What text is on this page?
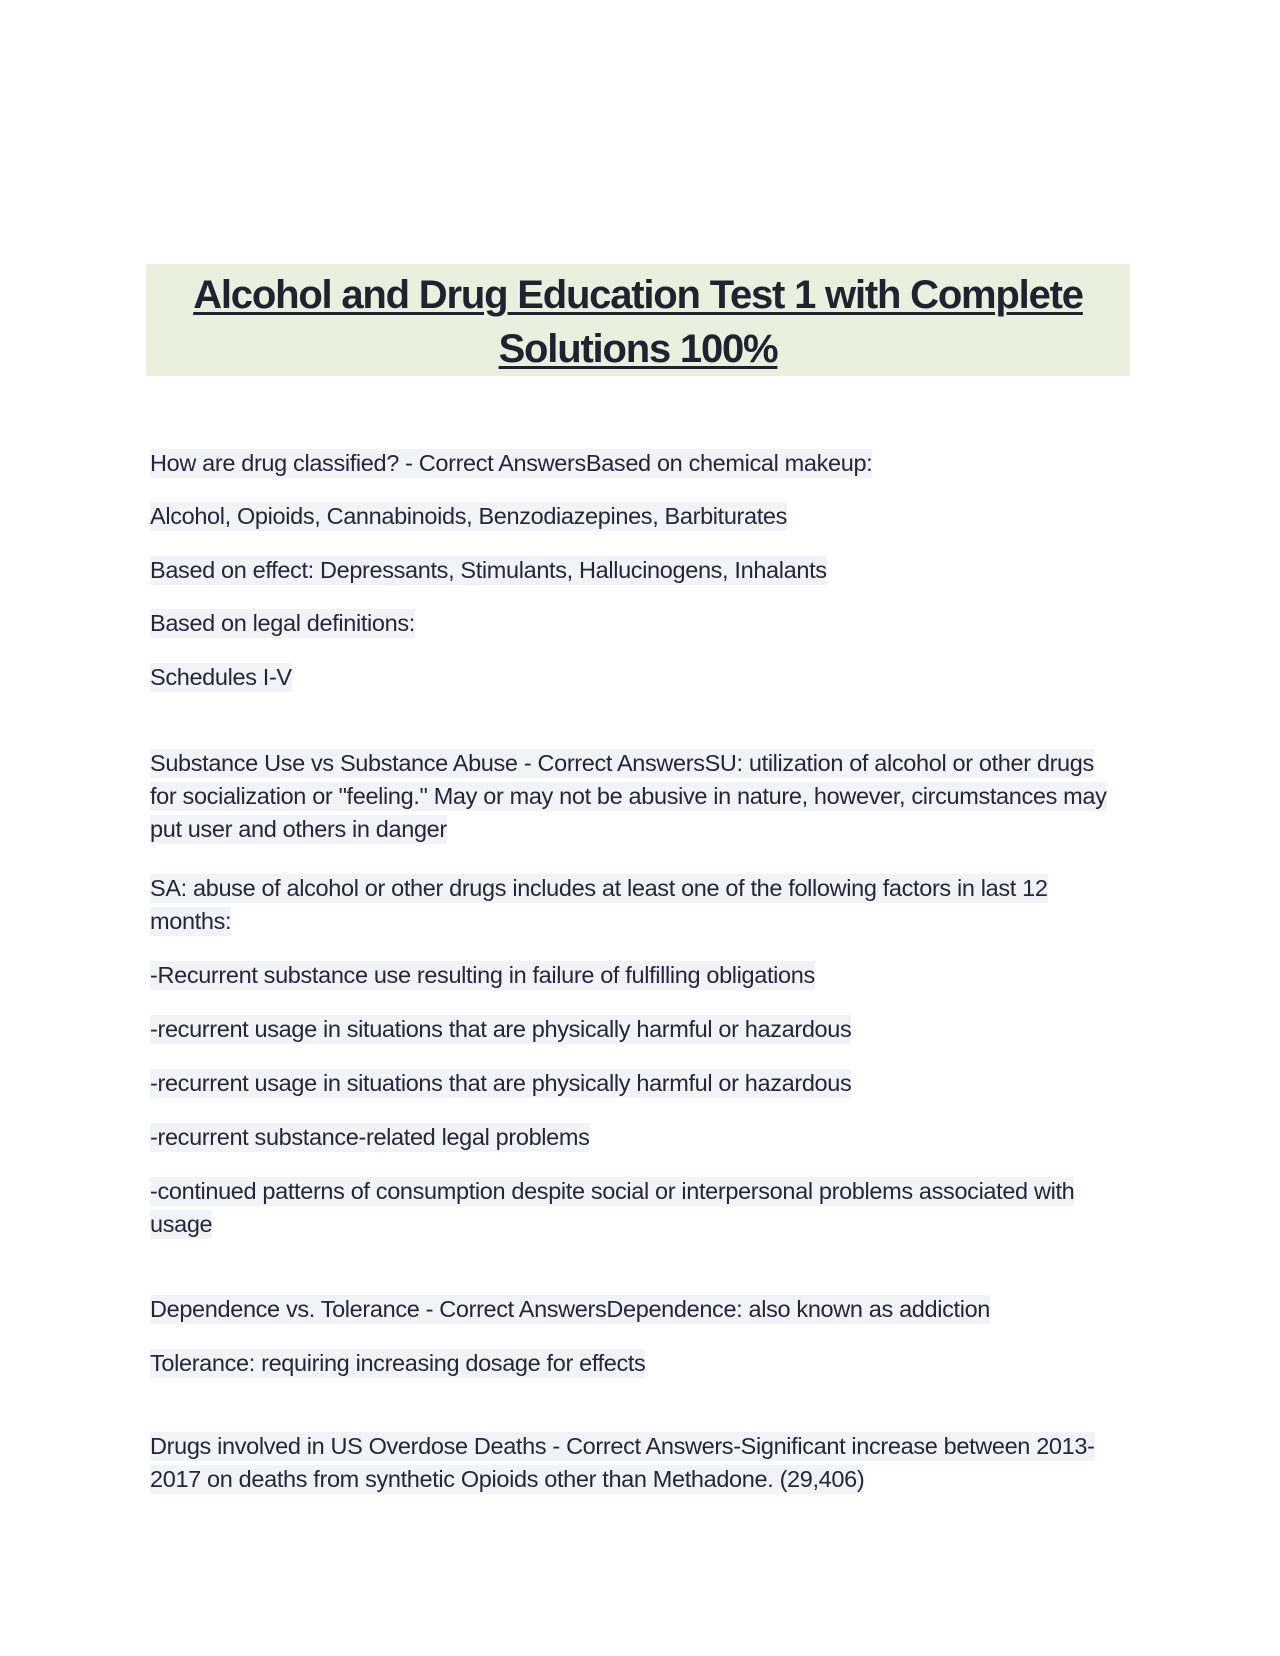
Alcohol and Drug Education Test 1 with Complete
Solutions 100%
How are drug classified? - Correct AnswersBased on chemical makeup:
Alcohol, Opioids, Cannabinoids, Benzodiazepines, Barbiturates
Based on effect: Depressants, Stimulants, Hallucinogens, Inhalants
Based on legal definitions:
Schedules I-V
Substance Use vs Substance Abuse - Correct AnswersSU: utilization of alcohol or other drugs for socialization or "feeling." May or may not be abusive in nature, however, circumstances may put user and others in danger
SA: abuse of alcohol or other drugs includes at least one of the following factors in last 12 months:
-Recurrent substance use resulting in failure of fulfilling obligations
-recurrent usage in situations that are physically harmful or hazardous
-recurrent usage in situations that are physically harmful or hazardous
-recurrent substance-related legal problems
-continued patterns of consumption despite social or interpersonal problems associated with usage
Dependence vs. Tolerance - Correct AnswersDependence: also known as addiction
Tolerance: requiring increasing dosage for effects
Drugs involved in US Overdose Deaths - Correct Answers-Significant increase between 2013-2017 on deaths from synthetic Opioids other than Methadone. (29,406)
